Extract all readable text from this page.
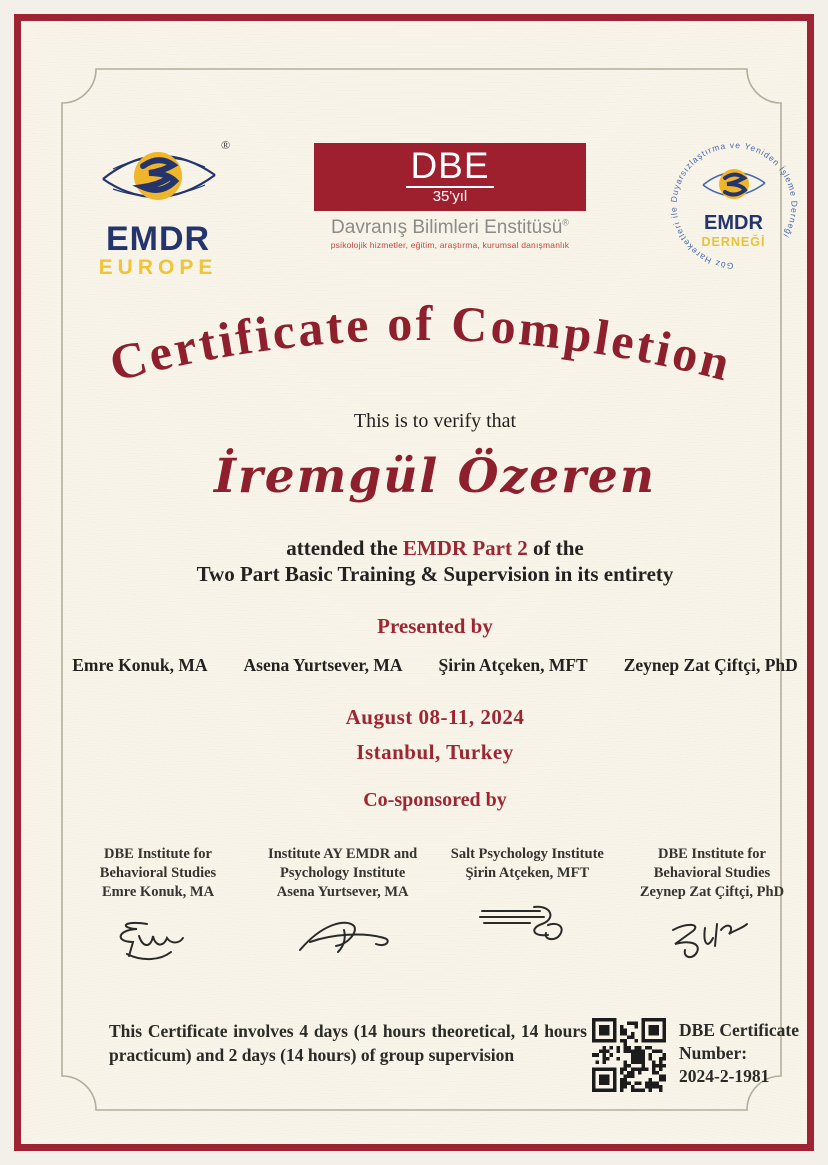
®
EMDR
EUROPE
DBE
35'yıl
Davranış Bilimleri Enstitüsü®
psikolojik hizmetler, eğitim, araştırma, kurumsal danışmanlık
Göz Hareketleri ile Duyarsızlaştırma ve Yeniden İşleme Derneği
EMDR
DERNEĞİ
Certificate of Completion
This is to verify that
İremgül Özeren
attended the EMDR Part 2 of the
Two Part Basic Training & Supervision in its entirety
Presented by
Emre Konuk, MA Asena Yurtsever, MA Şirin Atçeken, MFT Zeynep Zat Çiftçi, PhD
August 08-11, 2024
Istanbul, Turkey
Co-sponsored by
DBE Institute for
Behavioral Studies
Emre Konuk, MA
Institute AY EMDR and
Psychology Institute
Asena Yurtsever, MA
Salt Psychology Institute
Şirin Atçeken, MFT
DBE Institute for
Behavioral Studies
Zeynep Zat Çiftçi, PhD
This Certificate involves 4 days (14 hours theoretical, 14 hours practicum) and 2 days (14 hours) of group supervision
DBE Certificate
Number:
2024-2-1981
